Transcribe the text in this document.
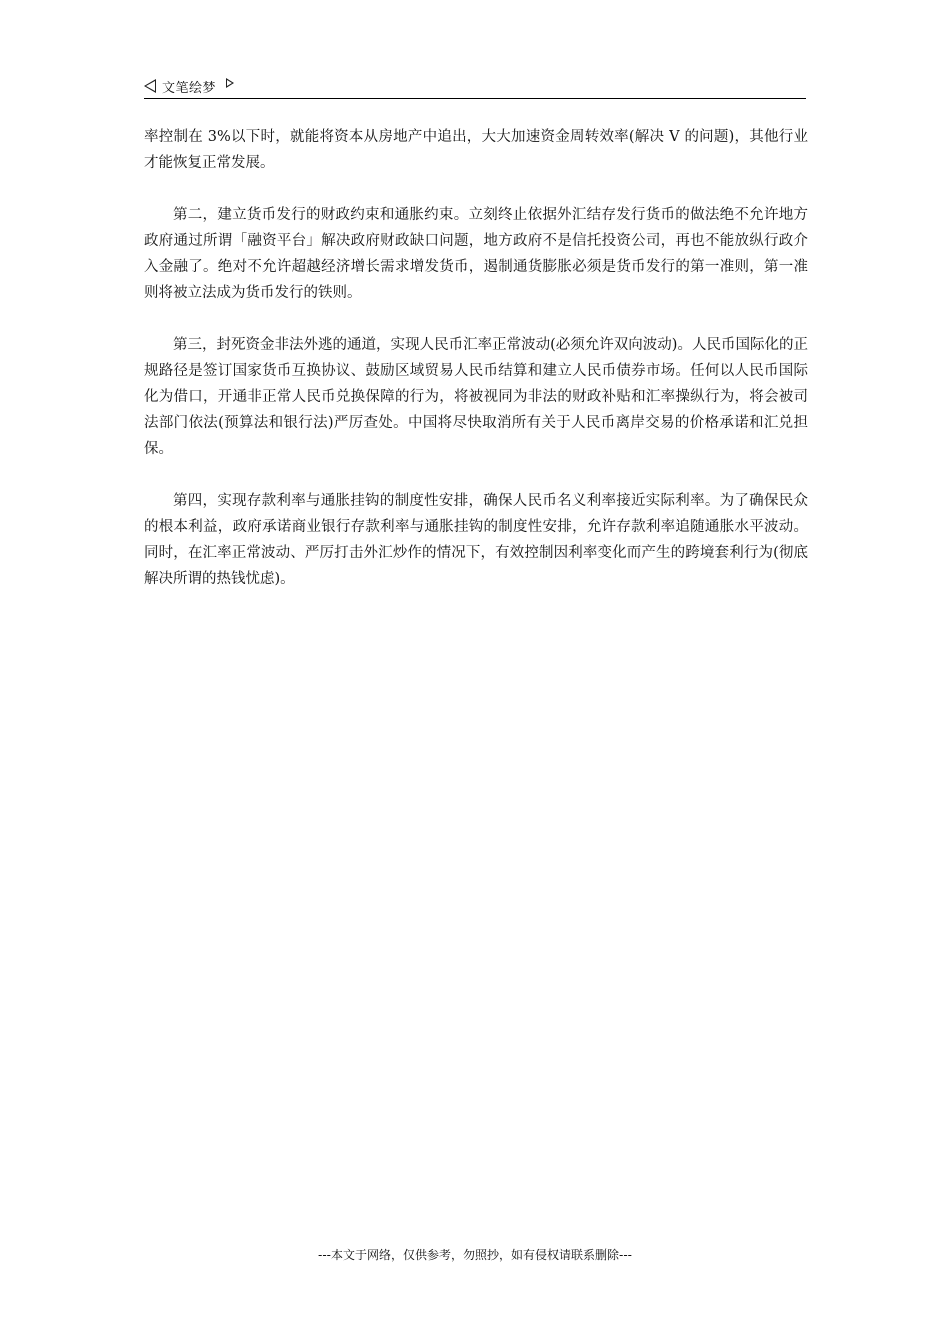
文笔绘梦

率控制在 3%以下时，就能将资本从房地产中追出，大大加速资金周转效率(解决 V 的问题)，其他行业才能恢复正常发展。

第二，建立货币发行的财政约束和通胀约束。立刻终止依据外汇结存发行货币的做法绝不允许地方政府通过所谓「融资平台」解决政府财政缺口问题，地方政府不是信托投资公司，再也不能放纵行政介入金融了。绝对不允许超越经济增长需求增发货币，遏制通货膨胀必须是货币发行的第一准则，第一准则将被立法成为货币发行的铁则。

第三，封死资金非法外逃的通道，实现人民币汇率正常波动(必须允许双向波动)。人民币国际化的正规路径是签订国家货币互换协议、鼓励区域贸易人民币结算和建立人民币债券市场。任何以人民币国际化为借口，开通非正常人民币兑换保障的行为，将被视同为非法的财政补贴和汇率操纵行为，将会被司法部门依法(预算法和银行法)严厉查处。中国将尽快取消所有关于人民币离岸交易的价格承诺和汇兑担保。

第四，实现存款利率与通胀挂钩的制度性安排，确保人民币名义利率接近实际利率。为了确保民众的根本利益，政府承诺商业银行存款利率与通胀挂钩的制度性安排，允许存款利率追随通胀水平波动。同时，在汇率正常波动、严厉打击外汇炒作的情况下，有效控制因利率变化而产生的跨境套利行为(彻底解决所谓的热钱忧虑)。

---本文于网络，仅供参考，勿照抄，如有侵权请联系删除---
